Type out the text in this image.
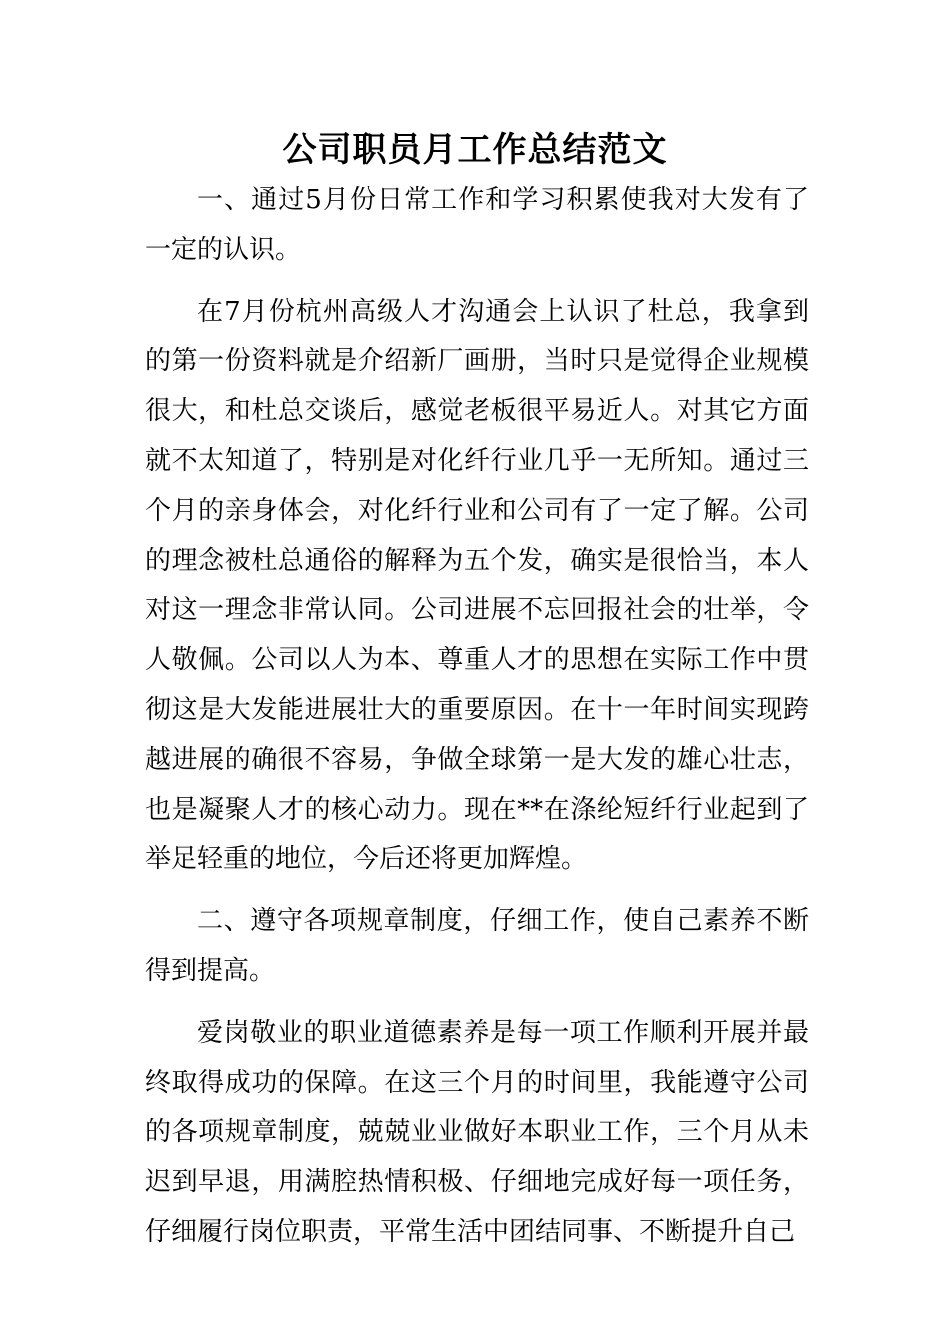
公司职员月工作总结范文

一、通过5月份日常工作和学习积累使我对大发有了一定的认识。

在7月份杭州高级人才沟通会上认识了杜总，我拿到的第一份资料就是介绍新厂画册，当时只是觉得企业规模很大，和杜总交谈后，感觉老板很平易近人。对其它方面就不太知道了，特别是对化纤行业几乎一无所知。通过三个月的亲身体会，对化纤行业和公司有了一定了解。公司的理念被杜总通俗的解释为五个发，确实是很恰当，本人对这一理念非常认同。公司进展不忘回报社会的壮举，令人敬佩。公司以人为本、尊重人才的思想在实际工作中贯彻这是大发能进展壮大的重要原因。在十一年时间实现跨越进展的确很不容易，争做全球第一是大发的雄心壮志，也是凝聚人才的核心动力。现在**在涤纶短纤行业起到了举足轻重的地位，今后还将更加辉煌。

二、遵守各项规章制度，仔细工作，使自己素养不断得到提高。

爱岗敬业的职业道德素养是每一项工作顺利开展并最终取得成功的保障。在这三个月的时间里，我能遵守公司的各项规章制度，兢兢业业做好本职业工作，三个月从未迟到早退，用满腔热情积极、仔细地完成好每一项任务，仔细履行岗位职责，平常生活中团结同事、不断提升自己
